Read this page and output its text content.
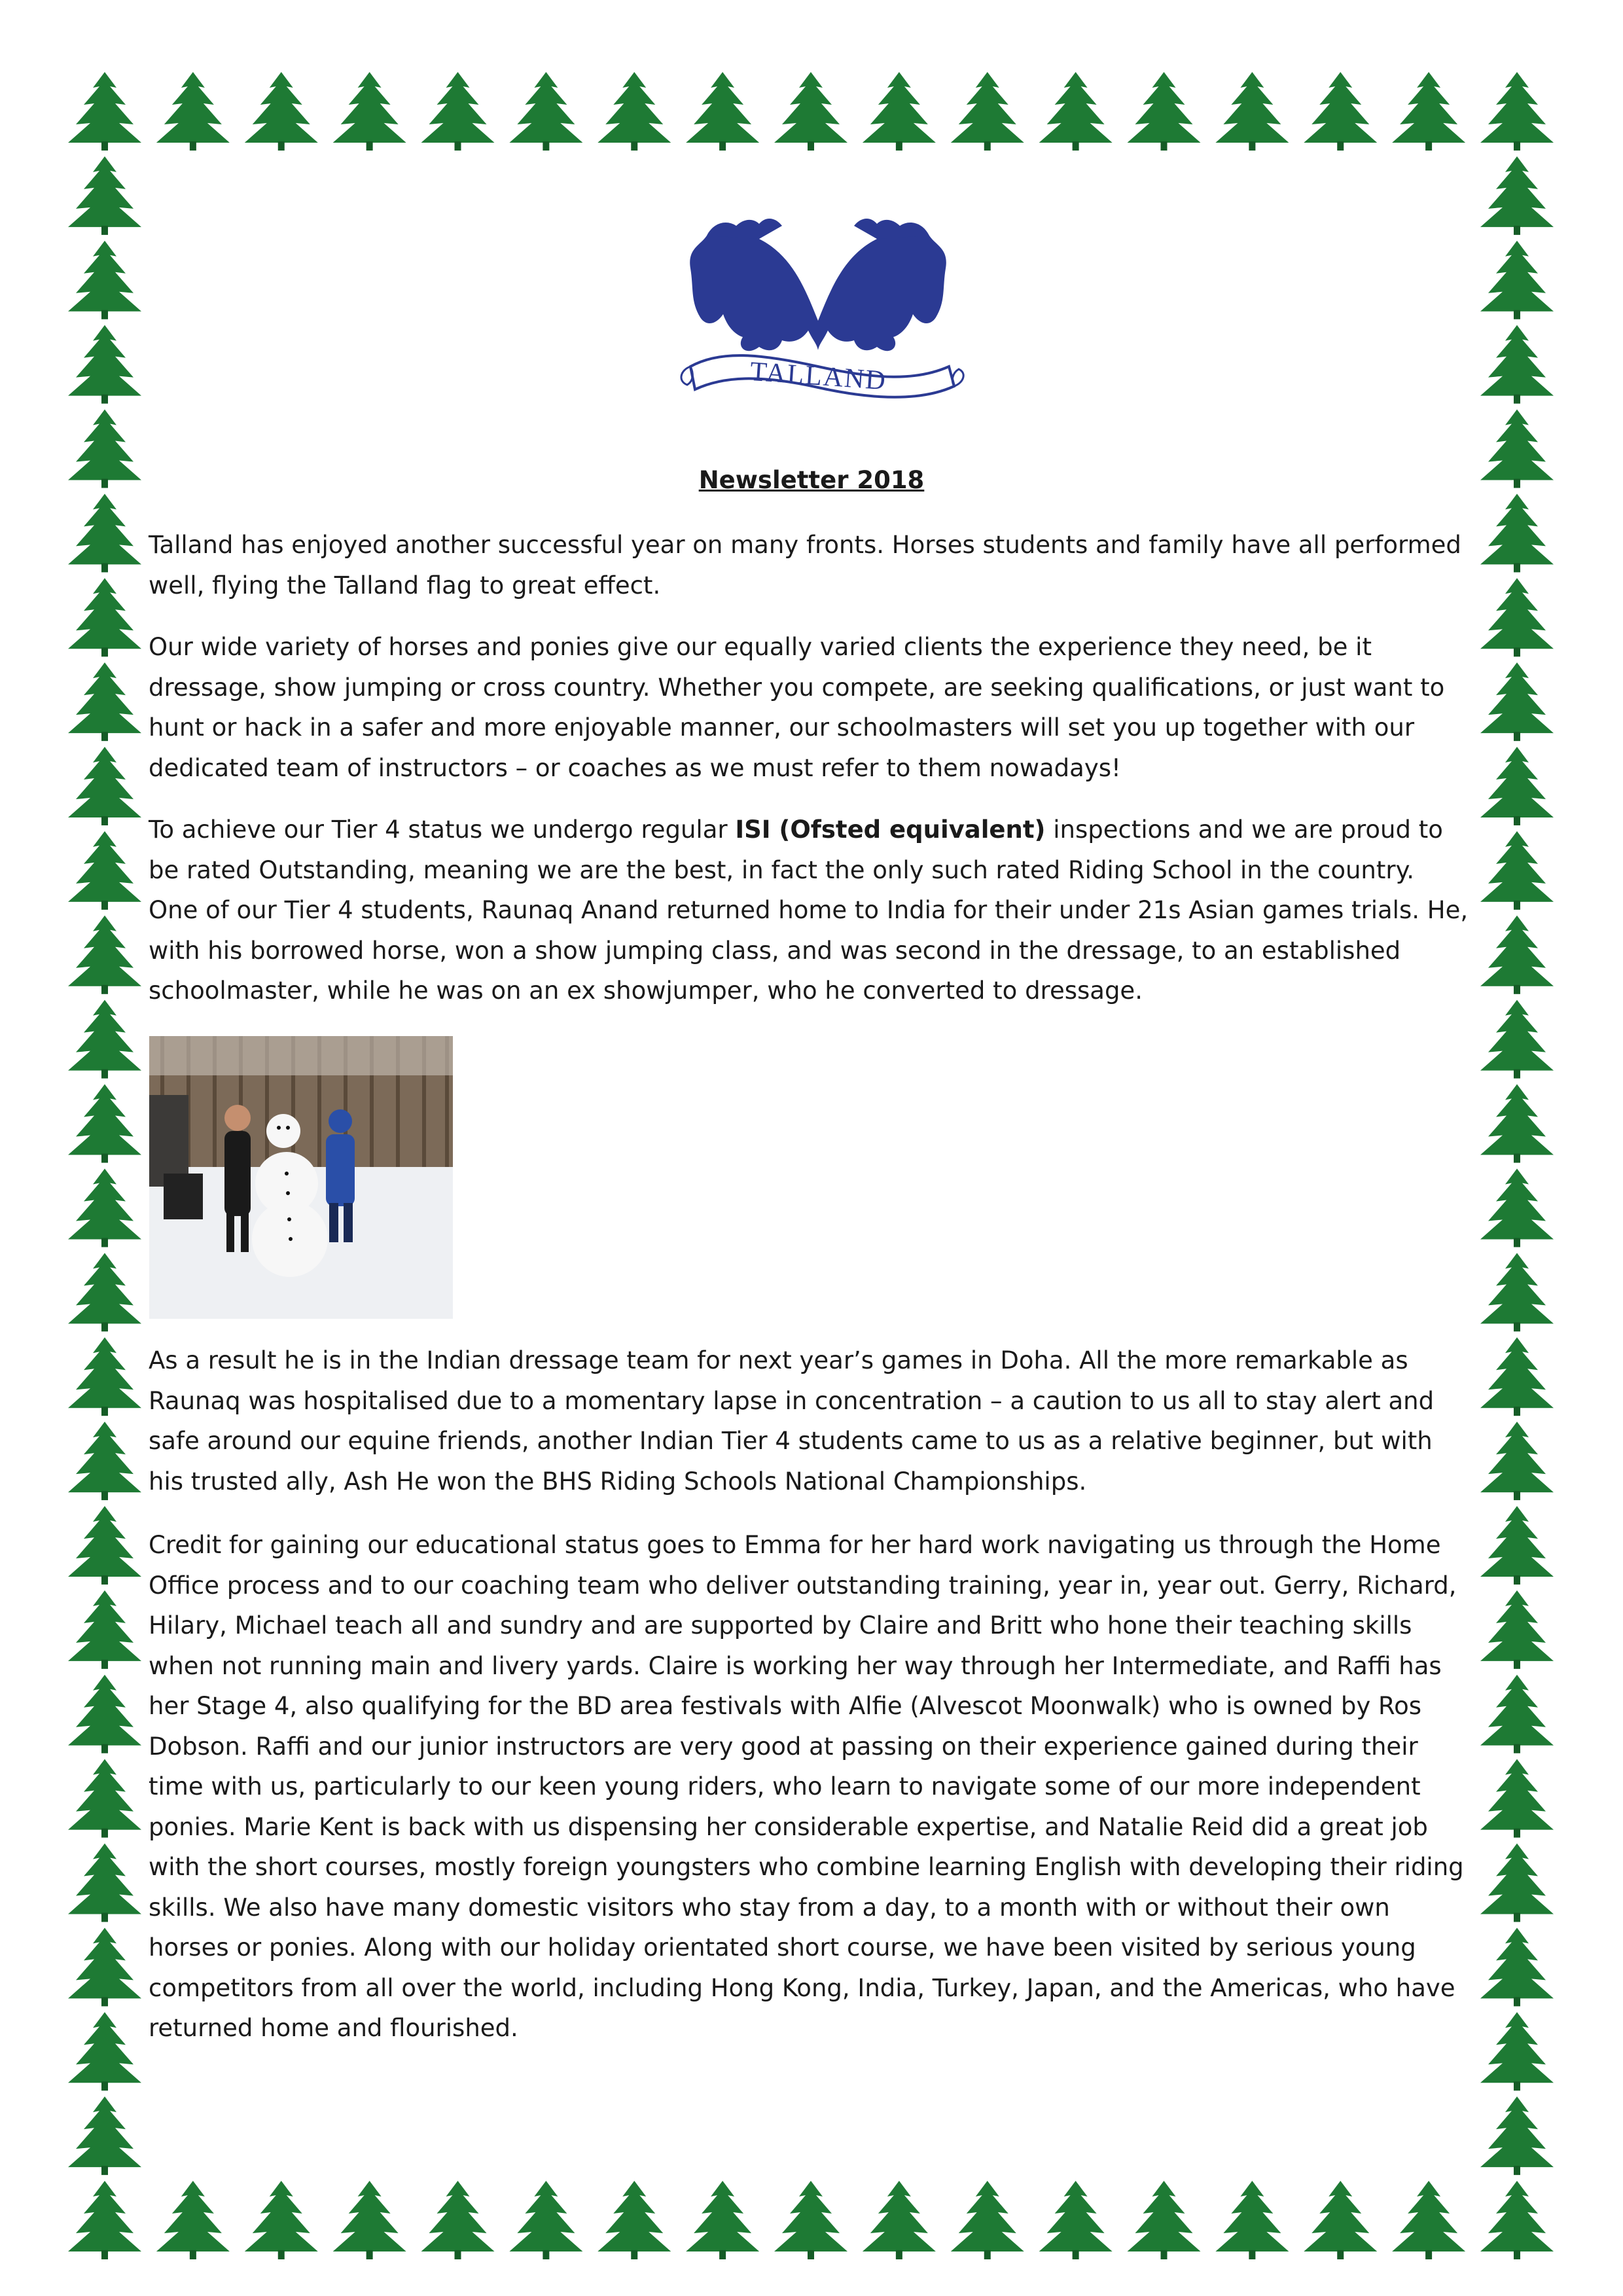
TALLAND
Newsletter 2018

Talland has enjoyed another successful year on many fronts. Horses students and family have all performed well, flying the Talland flag to great effect.

Our wide variety of horses and ponies give our equally varied clients the experience they need, be it dressage, show jumping or cross country. Whether you compete, are seeking qualifications, or just want to hunt or hack in a safer and more enjoyable manner, our schoolmasters will set you up together with our dedicated team of instructors – or coaches as we must refer to them nowadays!

To achieve our Tier 4 status we undergo regular ISI (Ofsted equivalent) inspections and we are proud to be rated Outstanding, meaning we are the best, in fact the only such rated Riding School in the country. One of our Tier 4 students, Raunaq Anand returned home to India for their under 21s Asian games trials. He, with his borrowed horse, won a show jumping class, and was second in the dressage, to an established schoolmaster, while he was on an ex showjumper, who he converted to dressage.

As a result he is in the Indian dressage team for next year’s games in Doha. All the more remarkable as Raunaq was hospitalised due to a momentary lapse in concentration – a caution to us all to stay alert and safe around our equine friends, another Indian Tier 4 students came to us as a relative beginner, but with his trusted ally, Ash He won the BHS Riding Schools National Championships.

Credit for gaining our educational status goes to Emma for her hard work navigating us through the Home Office process and to our coaching team who deliver outstanding training, year in, year out. Gerry, Richard, Hilary, Michael teach all and sundry and are supported by Claire and Britt who hone their teaching skills when not running main and livery yards. Claire is working her way through her Intermediate, and Raffi has her Stage 4, also qualifying for the BD area festivals with Alfie (Alvescot Moonwalk) who is owned by Ros Dobson. Raffi and our junior instructors are very good at passing on their experience gained during their time with us, particularly to our keen young riders, who learn to navigate some of our more independent ponies. Marie Kent is back with us dispensing her considerable expertise, and Natalie Reid did a great job with the short courses, mostly foreign youngsters who combine learning English with developing their riding skills. We also have many domestic visitors who stay from a day, to a month with or without their own horses or ponies. Along with our holiday orientated short course, we have been visited by serious young competitors from all over the world, including Hong Kong, India, Turkey, Japan, and the Americas, who have returned home and flourished.
